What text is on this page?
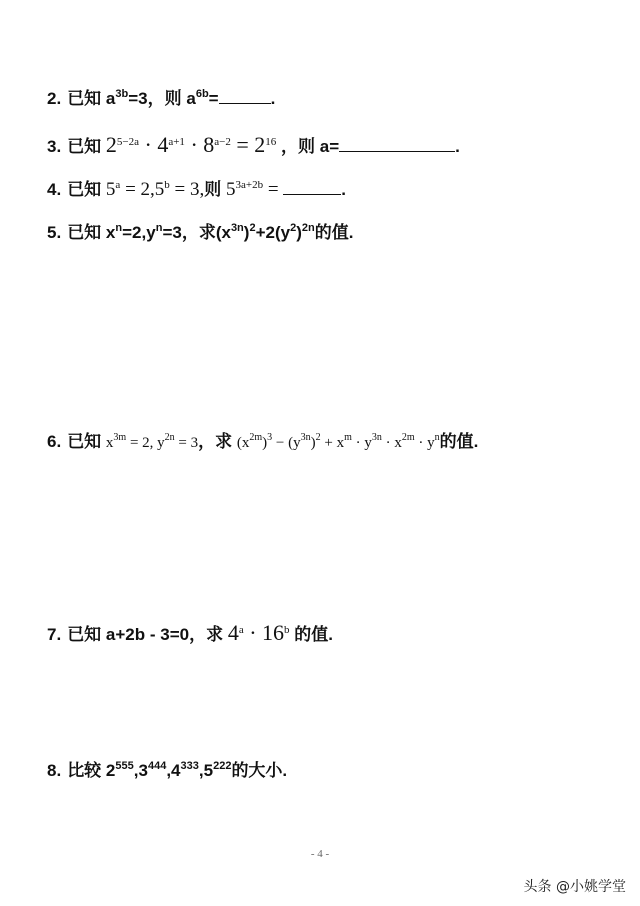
2. 已知 $a^{3b}=3$，则 $a^{6b}=$	.
3. 已知 $2^{5-2a} \cdot 4^{a+1} \cdot 8^{a-2} = 2^{16}$ ，则 a=	.
4. 已知 $5^a = 2,5^b = 3$,则 $5^{3a+2b}$ =	.
5. 已知 $x^n=2,y^n=3$，求$(x^{3n})^2+2(y^2)^{2n}$的值.
6. 已知 $x^{3m} = 2$, $y^{2n} = 3$，求 $(x^{2m})^3 - (y^{3n})^2 + x^m \cdot y^{3n} \cdot x^{2m} \cdot y^n$的值.
7. 已知 a+2b - 3=0，求 $4^a \cdot 16^b$ 的值.
8. 比较 $2^{555},3^{444},4^{333},5^{222}$的大小.
- 4 -
头条 @小姚学堂
